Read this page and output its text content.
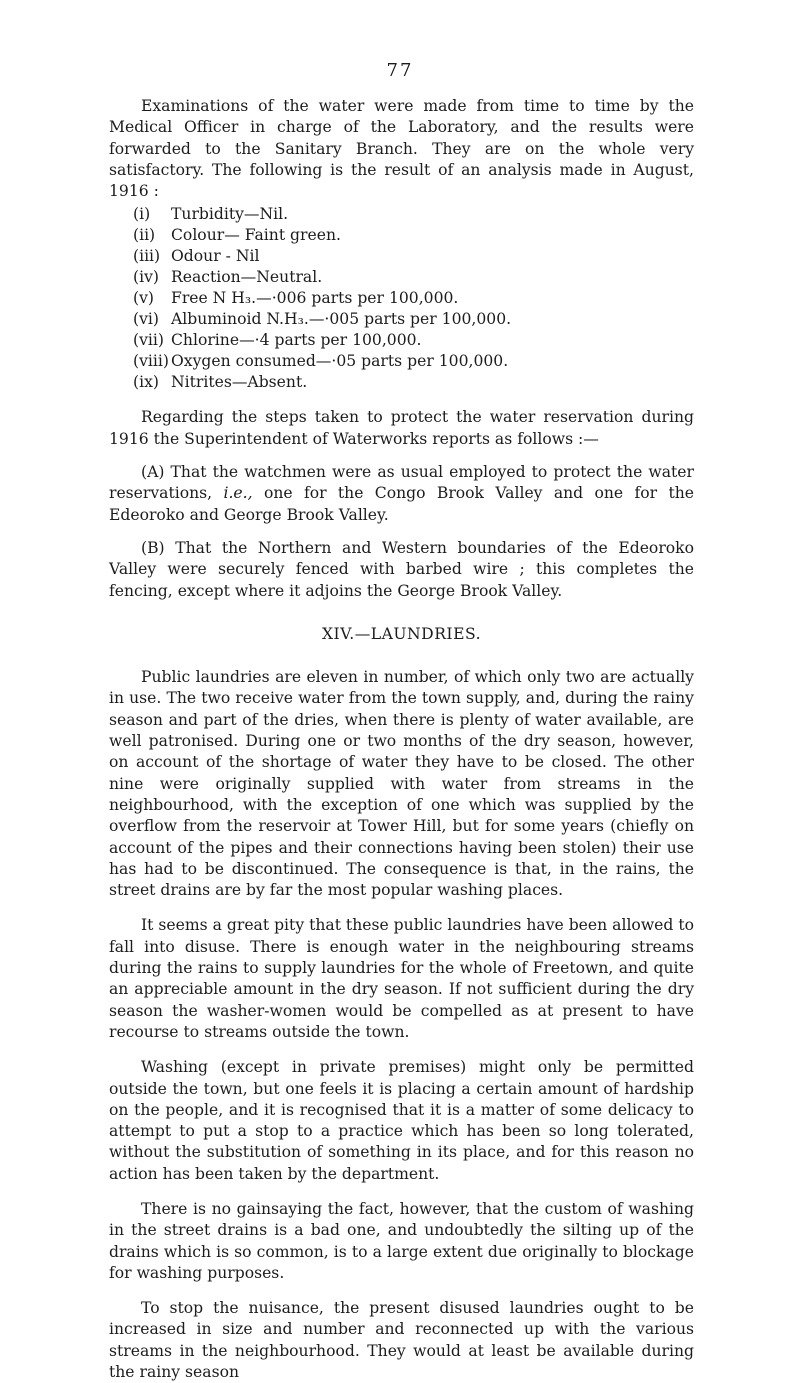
77

Examinations of the water were made from time to time by the Medical Officer in charge of the Laboratory, and the results were forwarded to the Sanitary Branch. They are on the whole very satisfactory. The following is the result of an analysis made in August, 1916 :

(i) Turbidity—Nil.
(ii) Colour— Faint green.
(iii) Odour - Nil
(iv) Reaction—Neutral.
(v) Free N H₃.—·006 parts per 100,000.
(vi) Albuminoid N.H₃.—·005 parts per 100,000.
(vii) Chlorine—·4 parts per 100,000.
(viii) Oxygen consumed—·05 parts per 100,000.
(ix) Nitrites—Absent.

Regarding the steps taken to protect the water reservation during 1916 the Superintendent of Waterworks reports as follows :—

(A) That the watchmen were as usual employed to protect the water reservations, i.e., one for the Congo Brook Valley and one for the Edeoroko and George Brook Valley.

(B) That the Northern and Western boundaries of the Edeoroko Valley were securely fenced with barbed wire ; this completes the fencing, except where it adjoins the George Brook Valley.

XIV.—LAUNDRIES.

Public laundries are eleven in number, of which only two are actually in use. The two receive water from the town supply, and, during the rainy season and part of the dries, when there is plenty of water available, are well patronised. During one or two months of the dry season, however, on account of the shortage of water they have to be closed. The other nine were originally supplied with water from streams in the neighbourhood, with the exception of one which was supplied by the overflow from the reservoir at Tower Hill, but for some years (chiefly on account of the pipes and their connections having been stolen) their use has had to be discontinued. The consequence is that, in the rains, the street drains are by far the most popular washing places.

It seems a great pity that these public laundries have been allowed to fall into disuse. There is enough water in the neighbouring streams during the rains to supply laundries for the whole of Freetown, and quite an appreciable amount in the dry season. If not sufficient during the dry season the washer-women would be compelled as at present to have recourse to streams outside the town.

Washing (except in private premises) might only be permitted outside the town, but one feels it is placing a certain amount of hardship on the people, and it is recognised that it is a matter of some delicacy to attempt to put a stop to a practice which has been so long tolerated, without the substitution of something in its place, and for this reason no action has been taken by the department.

There is no gainsaying the fact, however, that the custom of washing in the street drains is a bad one, and undoubtedly the silting up of the drains which is so common, is to a large extent due originally to blockage for washing purposes.

To stop the nuisance, the present disused laundries ought to be increased in size and number and reconnected up with the various streams in the neighbourhood. They would at least be available during the rainy season
